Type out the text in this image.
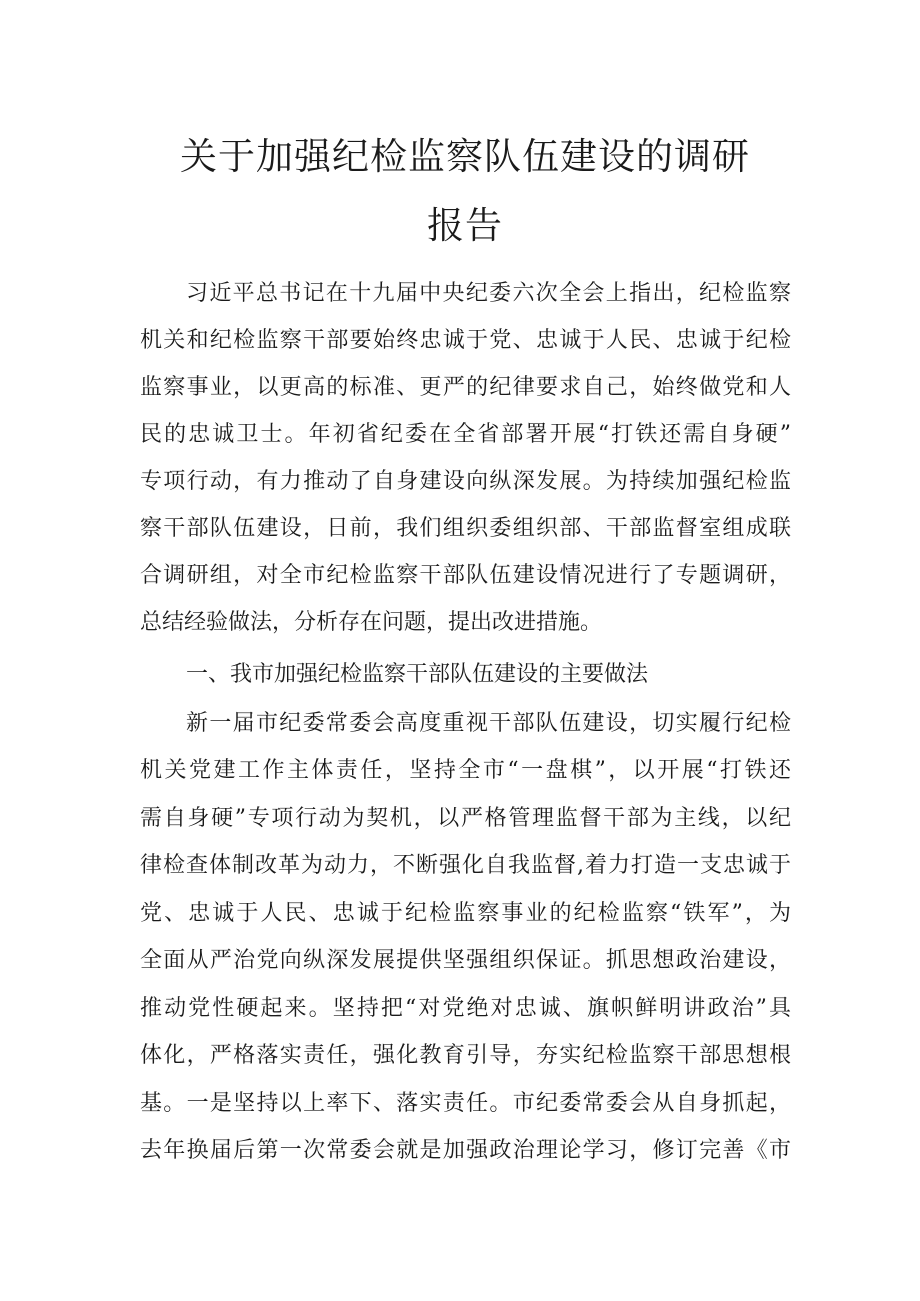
关于加强纪检监察队伍建设的调研
报告

习近平总书记在十九届中央纪委六次全会上指出，纪检监察

机关和纪检监察干部要始终忠诚于党、忠诚于人民、忠诚于纪检

监察事业，以更高的标准、更严的纪律要求自己，始终做党和人

民的忠诚卫士。年初省纪委在全省部署开展“打铁还需自身硬”

专项行动，有力推动了自身建设向纵深发展。为持续加强纪检监

察干部队伍建设，日前，我们组织委组织部、干部监督室组成联

合调研组，对全市纪检监察干部队伍建设情况进行了专题调研，

总结经验做法，分析存在问题，提出改进措施。

一、我市加强纪检监察干部队伍建设的主要做法

新一届市纪委常委会高度重视干部队伍建设，切实履行纪检

机关党建工作主体责任，坚持全市“一盘棋”，以开展“打铁还

需自身硬”专项行动为契机，以严格管理监督干部为主线，以纪

律检查体制改革为动力，不断强化自我监督,着力打造一支忠诚于

党、忠诚于人民、忠诚于纪检监察事业的纪检监察“铁军”，为

全面从严治党向纵深发展提供坚强组织保证。抓思想政治建设，

推动党性硬起来。坚持把“对党绝对忠诚、旗帜鲜明讲政治”具

体化，严格落实责任，强化教育引导，夯实纪检监察干部思想根

基。一是坚持以上率下、落实责任。市纪委常委会从自身抓起，

去年换届后第一次常委会就是加强政治理论学习，修订完善《市
